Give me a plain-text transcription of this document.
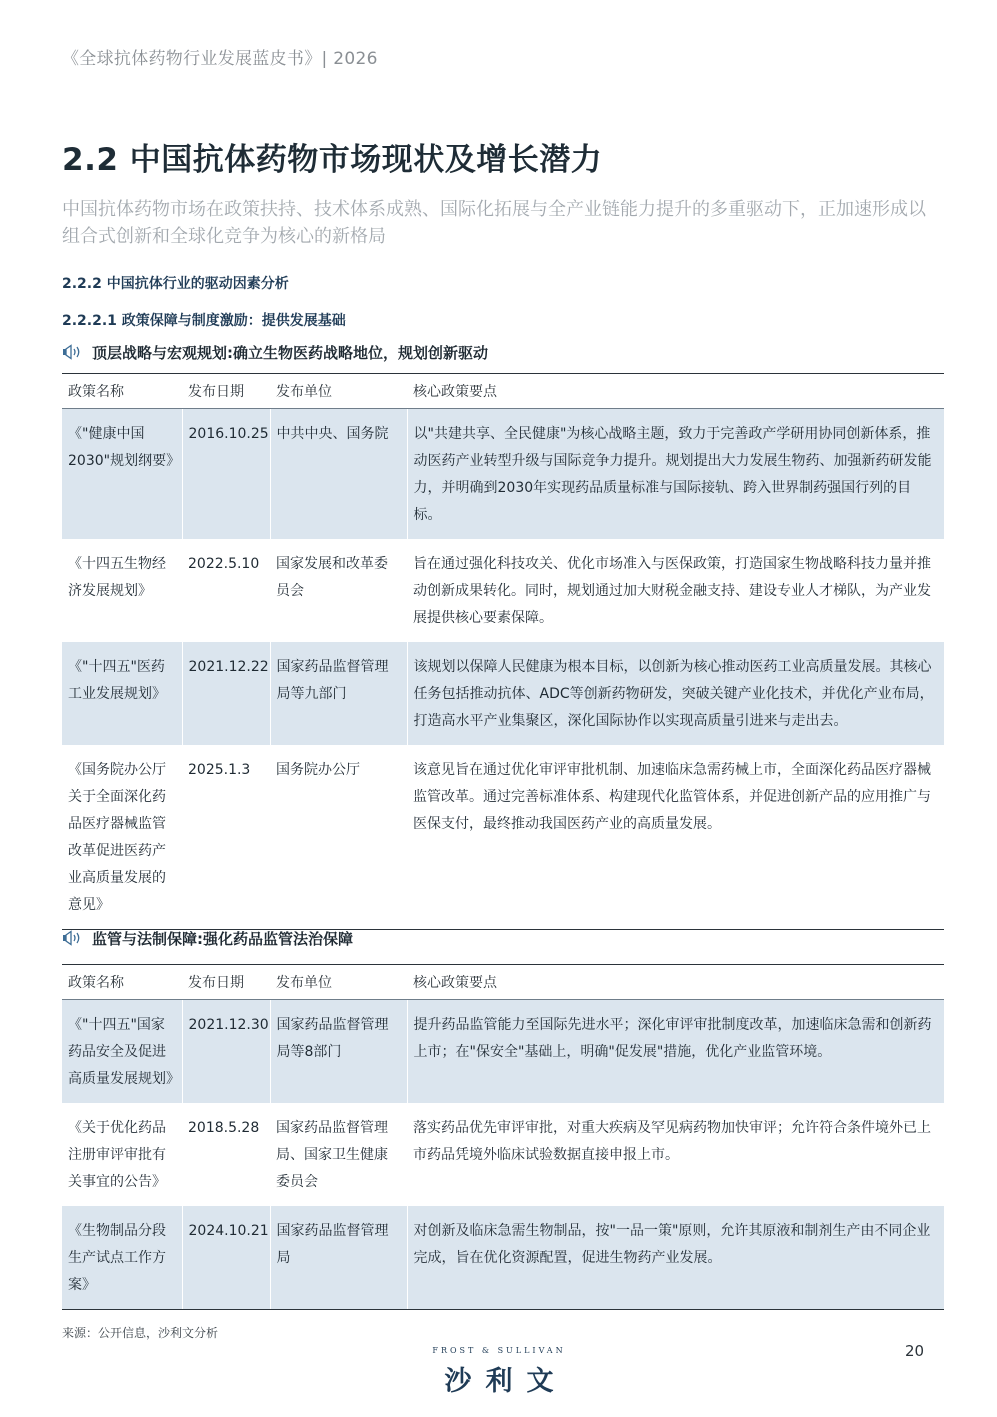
《全球抗体药物行业发展蓝皮书》| 2026
2.2 中国抗体药物市场现状及增长潜力
中国抗体药物市场在政策扶持、技术体系成熟、国际化拓展与全产业链能力提升的多重驱动下，正加速形成以组合式创新和全球化竞争为核心的新格局
2.2.2 中国抗体行业的驱动因素分析
2.2.2.1 政策保障与制度激励：提供发展基础
顶层战略与宏观规划:确立生物医药战略地位，规划创新驱动
政策名称	发布日期	发布单位	核心政策要点
《"健康中国2030"规划纲要》	2016.10.25	中共中央、国务院	以"共建共享、全民健康"为核心战略主题，致力于完善政产学研用协同创新体系，推动医药产业转型升级与国际竞争力提升。规划提出大力发展生物药、加强新药研发能力，并明确到2030年实现药品质量标准与国际接轨、跨入世界制药强国行列的目标。
《十四五生物经济发展规划》	2022.5.10	国家发展和改革委员会	旨在通过强化科技攻关、优化市场准入与医保政策，打造国家生物战略科技力量并推动创新成果转化。同时，规划通过加大财税金融支持、建设专业人才梯队，为产业发展提供核心要素保障。
《"十四五"医药工业发展规划》	2021.12.22	国家药品监督管理局等九部门	该规划以保障人民健康为根本目标，以创新为核心推动医药工业高质量发展。其核心任务包括推动抗体、ADC等创新药物研发，突破关键产业化技术，并优化产业布局，打造高水平产业集聚区，深化国际协作以实现高质量引进来与走出去。
《国务院办公厅关于全面深化药品医疗器械监管改革促进医药产业高质量发展的意见》	2025.1.3	国务院办公厅	该意见旨在通过优化审评审批机制、加速临床急需药械上市，全面深化药品医疗器械监管改革。通过完善标准体系、构建现代化监管体系，并促进创新产品的应用推广与医保支付，最终推动我国医药产业的高质量发展。
监管与法制保障:强化药品监管法治保障
政策名称	发布日期	发布单位	核心政策要点
《"十四五"国家药品安全及促进高质量发展规划》	2021.12.30	国家药品监督管理局等8部门	提升药品监管能力至国际先进水平；深化审评审批制度改革，加速临床急需和创新药上市；在"保安全"基础上，明确"促发展"措施，优化产业监管环境。
《关于优化药品注册审评审批有关事宜的公告》	2018.5.28	国家药品监督管理局、国家卫生健康委员会	落实药品优先审评审批，对重大疾病及罕见病药物加快审评；允许符合条件境外已上市药品凭境外临床试验数据直接申报上市。
《生物制品分段生产试点工作方案》	2024.10.21	国家药品监督管理局	对创新及临床急需生物制品，按"一品一策"原则，允许其原液和制剂生产由不同企业完成，旨在优化资源配置，促进生物药产业发展。
来源：公开信息，沙利文分析
FROST & SULLIVAN
沙利文
20
